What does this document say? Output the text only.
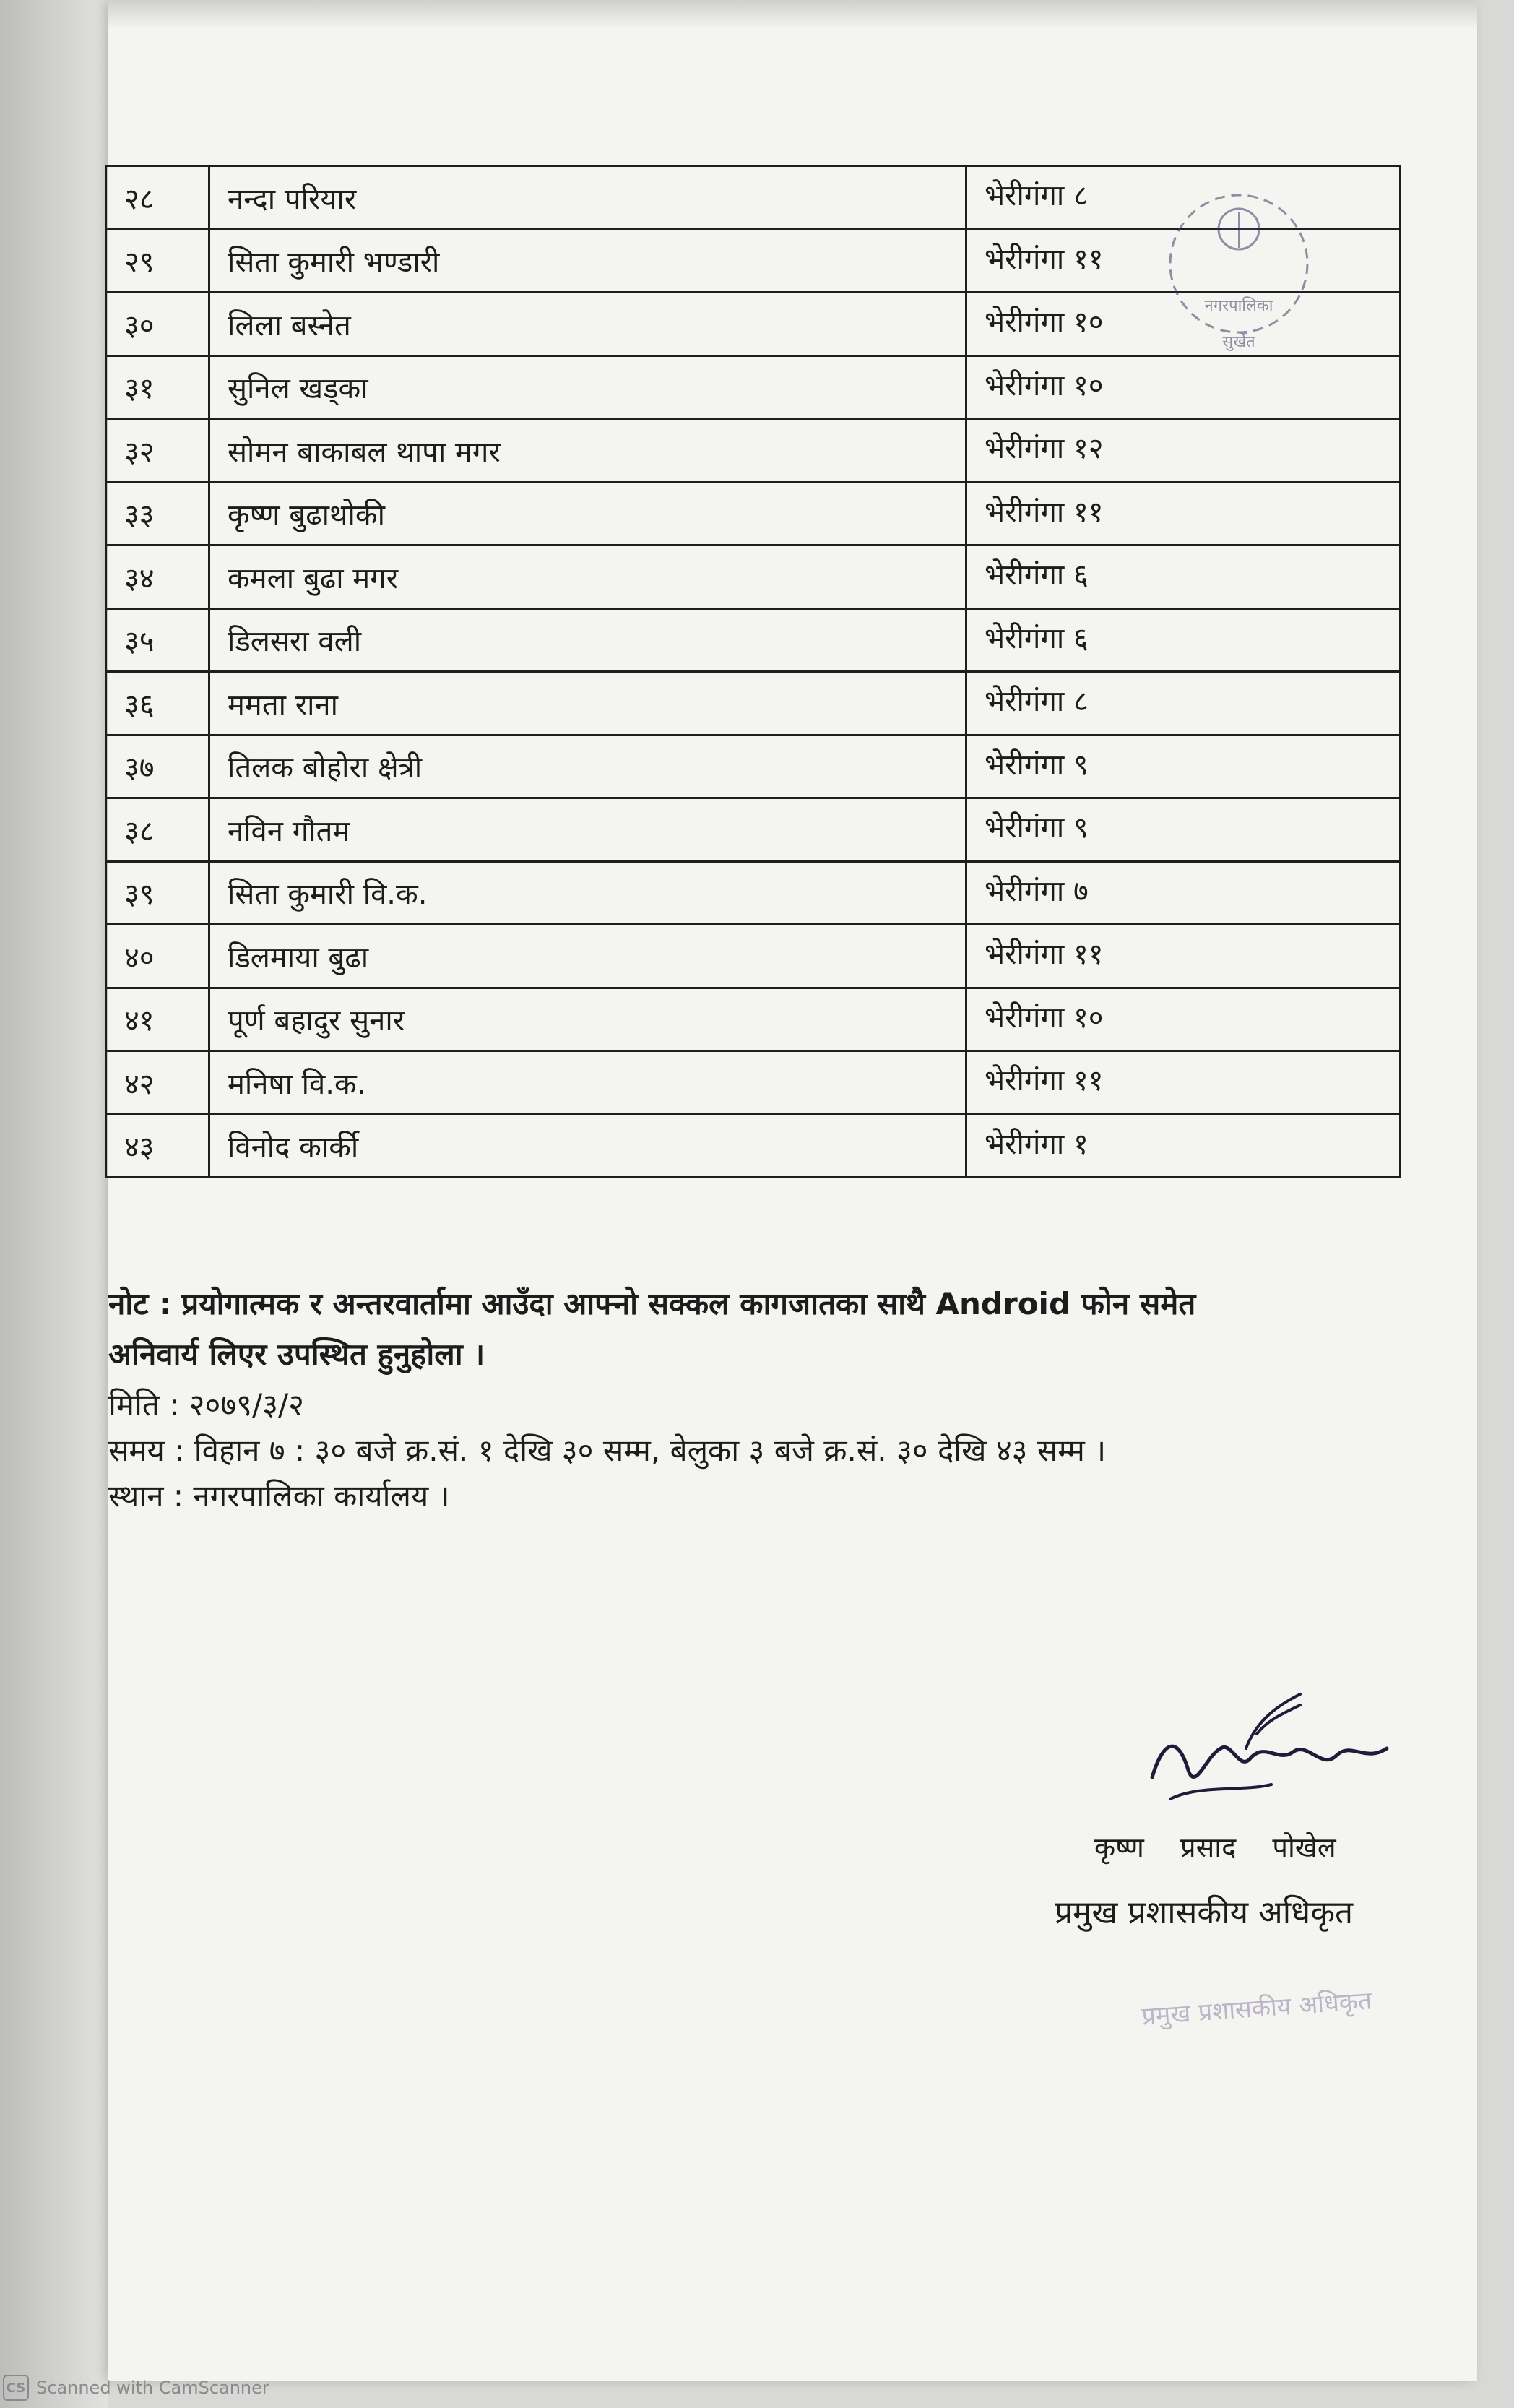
२८	नन्दा परियार	भेरीगंगा ८
२९	सिता कुमारी भण्डारी	भेरीगंगा ११
३०	लिला बस्नेत	भेरीगंगा १०
३१	सुनिल खड्का	भेरीगंगा १०
३२	सोमन बाकाबल थापा मगर	भेरीगंगा १२
३३	कृष्ण बुढाथोकी	भेरीगंगा ११
३४	कमला बुढा मगर	भेरीगंगा ६
३५	डिलसरा वली	भेरीगंगा ६
३६	ममता राना	भेरीगंगा ८
३७	तिलक बोहोरा क्षेत्री	भेरीगंगा ९
३८	नविन गौतम	भेरीगंगा ९
३९	सिता कुमारी वि.क.	भेरीगंगा ७
४०	डिलमाया बुढा	भेरीगंगा ११
४१	पूर्ण बहादुर सुनार	भेरीगंगा १०
४२	मनिषा वि.क.	भेरीगंगा ११
४३	विनोद कार्की	भेरीगंगा १
नगरपालिका
सुर्खेत
नोट : प्रयोगात्मक र अन्तरवार्तामा आउँदा आफ्नो सक्कल कागजातका साथै Android फोन समेत
अनिवार्य लिएर उपस्थित हुनुहोला ।
मिति : २०७९/३/२
समय : विहान ७ : ३० बजे क्र.सं. १ देखि ३० सम्म, बेलुका ३ बजे क्र.सं. ३० देखि ४३ सम्म ।
स्थान : नगरपालिका कार्यालय ।
कृष्ण प्रसाद पोखेल
प्रमुख प्रशासकीय अधिकृत
प्रमुख प्रशासकीय अधिकृत
CS Scanned with CamScanner
